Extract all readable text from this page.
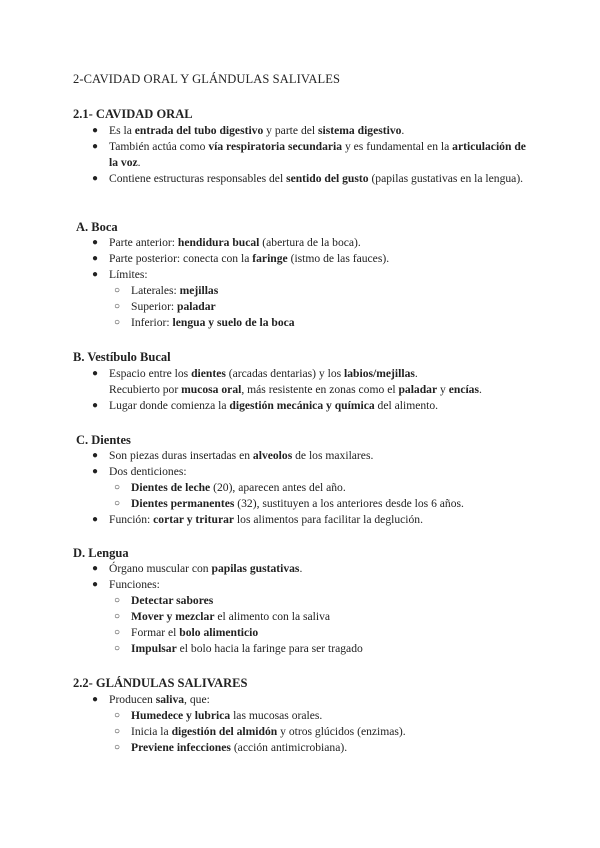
2-CAVIDAD ORAL Y GLÁNDULAS SALIVALES
2.1- CAVIDAD ORAL
● Es la entrada del tubo digestivo y parte del sistema digestivo.
● También actúa como vía respiratoria secundaria y es fundamental en la articulación de la voz.
● Contiene estructuras responsables del sentido del gusto (papilas gustativas en la lengua).
A. Boca
● Parte anterior: hendidura bucal (abertura de la boca).
● Parte posterior: conecta con la faringe (istmo de las fauces).
● Límites:
○ Laterales: mejillas
○ Superior: paladar
○ Inferior: lengua y suelo de la boca
B. Vestíbulo Bucal
● Espacio entre los dientes (arcadas dentarias) y los labios/mejillas.
Recubierto por mucosa oral, más resistente en zonas como el paladar y encías.
● Lugar donde comienza la digestión mecánica y química del alimento.
C. Dientes
● Son piezas duras insertadas en alveolos de los maxilares.
● Dos denticiones:
○ Dientes de leche (20), aparecen antes del año.
○ Dientes permanentes (32), sustituyen a los anteriores desde los 6 años.
● Función: cortar y triturar los alimentos para facilitar la deglución.
D. Lengua
● Órgano muscular con papilas gustativas.
● Funciones:
○ Detectar sabores
○ Mover y mezclar el alimento con la saliva
○ Formar el bolo alimenticio
○ Impulsar el bolo hacia la faringe para ser tragado
2.2- GLÁNDULAS SALIVARES
● Producen saliva, que:
○ Humedece y lubrica las mucosas orales.
○ Inicia la digestión del almidón y otros glúcidos (enzimas).
○ Previene infecciones (acción antimicrobiana).
